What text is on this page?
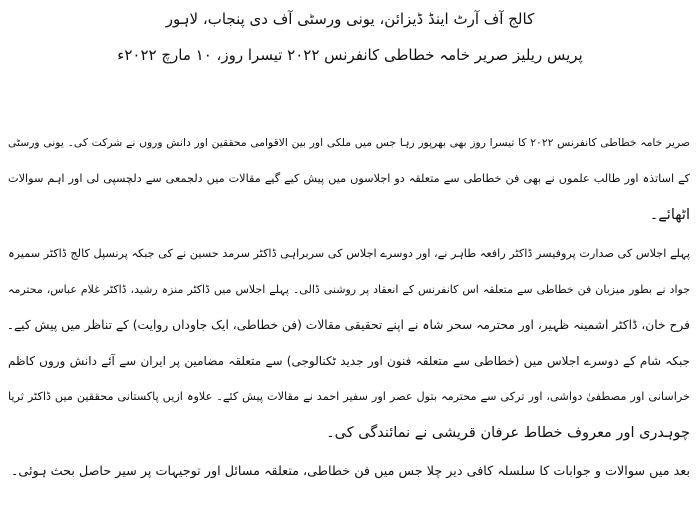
کالج آف آرٹ اینڈ ڈیزائن، یونی ورسٹی آف دی پنجاب، لاہور
پریس ریلیز صریر خامہ خطاطی کانفرنس ۲۰۲۲ تیسرا روز، ۱۰ مارچ ۲۰۲۲ء
صریر خامہ خطاطی کانفرنس ۲۰۲۲ کا تیسرا روز بھی بھرپور رہا جس میں ملکی اور بین الاقوامی محققین اور دانش وروں نے شرکت کی۔ یونی ورسٹی
کے اساتذہ اور طالب علموں نے بھی فن خطاطی سے متعلقہ دو اجلاسوں میں پیش کیے گیے مقالات میں دلجمعی سے دلچسپی لی اور اہم سوالات
اٹھائے۔
پہلے اجلاس کی صدارت پروفیسر ڈاکٹر رافعہ طاہر نے، اور دوسرے اجلاس کی سربراہی ڈاکٹر سرمد حسین نے کی جبکہ پرنسپل کالج ڈاکٹر سمیرہ
جواد نے بطور میزبان فن خطاطی سے متعلقہ اس کانفرنس کے انعقاد پر روشنی ڈالی۔ پہلے اجلاس میں ڈاکٹر منزہ رشید، ڈاکٹر غلام عباس، محترمہ
فرح خان، ڈاکٹر اشمینہ ظہیر، اور محترمہ سحر شاہ نے اپنے تحقیقی مقالات (فن خطاطی، ایک جاوداں روایت) کے تناظر میں پیش کیے۔
جبکہ شام کے دوسرے اجلاس میں (خطاطی سے متعلقہ فنون اور جدید ٹکنالوجی) سے متعلقہ مضامین پر ایران سے آئے دانش وروں کاظم
خراسانی اور مصطفیٰ دواشی، اور ترکی سے محترمہ بتول عصر اور سفیر احمد نے مقالات پیش کئے۔ علاوہ ازیں پاکستانی محققین میں ڈاکٹر ثریا
چوہدری اور معروف خطاط عرفان قریشی نے نمائندگی کی۔
بعد میں سوالات و جوابات کا سلسلہ کافی دیر چلا جس میں فن خطاطی، متعلقہ مسائل اور توجیہات پر سیر حاصل بحث ہوئی۔
